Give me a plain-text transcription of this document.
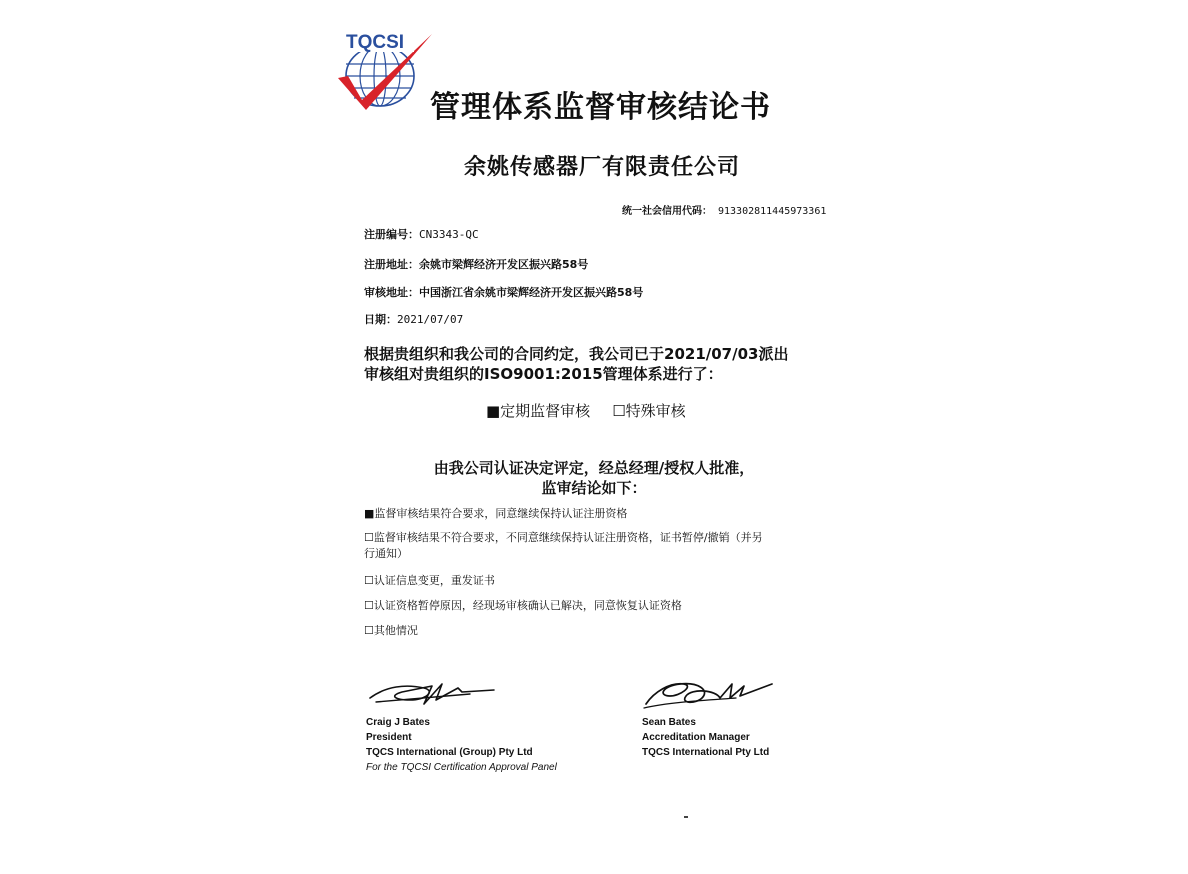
TQCSI
管理体系监督审核结论书
余姚传感器厂有限责任公司
统一社会信用代码： 913302811445973361
注册编号：CN3343-QC
注册地址：余姚市梁辉经济开发区振兴路58号
审核地址：中国浙江省余姚市梁辉经济开发区振兴路58号
日期：2021/07/07
根据贵组织和我公司的合同约定，我公司已于2021/07/03派出
审核组对贵组织的ISO9001:2015管理体系进行了：
■定期监督审核 ☐特殊审核
由我公司认证决定评定，经总经理/授权人批准，
监审结论如下：
■监督审核结果符合要求，同意继续保持认证注册资格
☐监督审核结果不符合要求，不同意继续保持认证注册资格，证书暂停/撤销（并另
行通知）
☐认证信息变更，重发证书
☐认证资格暂停原因，经现场审核确认已解决，同意恢复认证资格
☐其他情况
Craig J Bates
President
TQCS International (Group) Pty Ltd
For the TQCSI Certification Approval Panel
Sean Bates
Accreditation Manager
TQCS International Pty Ltd
